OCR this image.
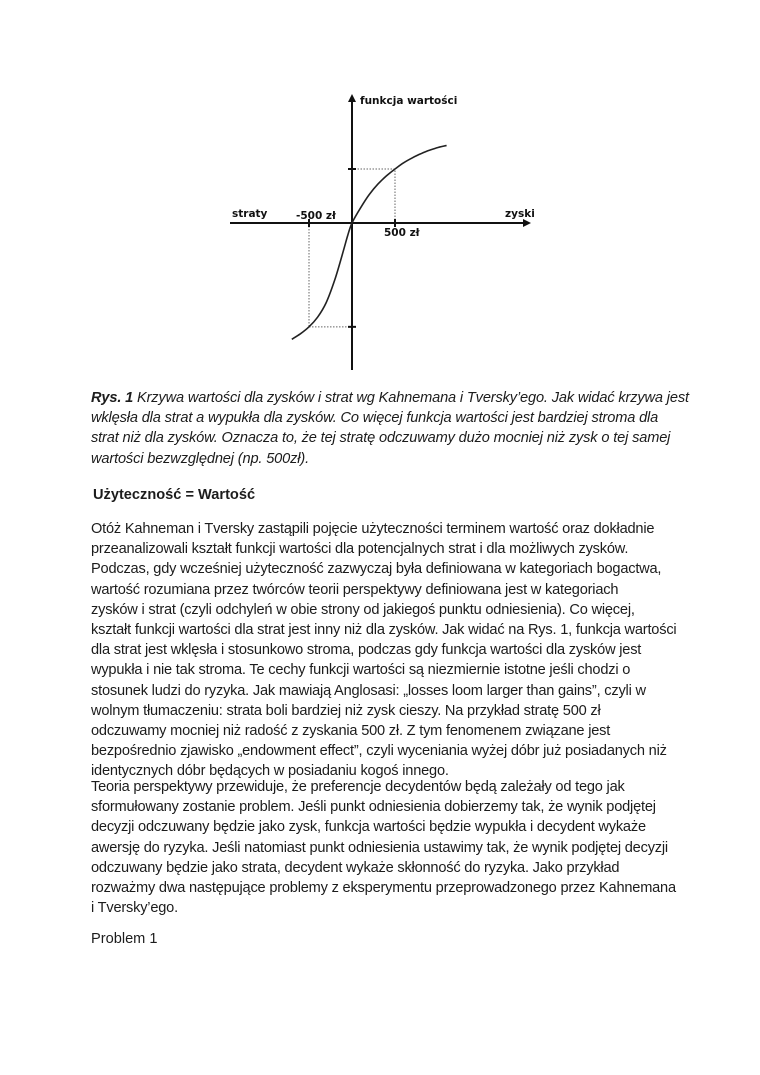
funkcja wartości
straty	zyski
-500 zł
500 zł
Rys. 1 Krzywa wartości dla zysków i strat wg Kahnemana i Tversky’ego. Jak widać krzywa jest
wklęsła dla strat a wypukła dla zysków. Co więcej funkcja wartości jest bardziej stroma dla
strat niż dla zysków. Oznacza to, że tej stratę odczuwamy dużo mocniej niż zysk o tej samej
wartości bezwzględnej (np. 500zł).
Użyteczność = Wartość
Otóż Kahneman i Tversky zastąpili pojęcie użyteczności terminem wartość oraz dokładnie
przeanalizowali kształt funkcji wartości dla potencjalnych strat i dla możliwych zysków.
Podczas, gdy wcześniej użyteczność zazwyczaj była definiowana w kategoriach bogactwa,
wartość rozumiana przez twórców teorii perspektywy definiowana jest w kategoriach
zysków i strat (czyli odchyleń w obie strony od jakiegoś punktu odniesienia). Co więcej,
kształt funkcji wartości dla strat jest inny niż dla zysków. Jak widać na Rys. 1, funkcja wartości
dla strat jest wklęsła i stosunkowo stroma, podczas gdy funkcja wartości dla zysków jest
wypukła i nie tak stroma. Te cechy funkcji wartości są niezmiernie istotne jeśli chodzi o
stosunek ludzi do ryzyka. Jak mawiają Anglosasi: „losses loom larger than gains”, czyli w
wolnym tłumaczeniu: strata boli bardziej niż zysk cieszy. Na przykład stratę 500 zł
odczuwamy mocniej niż radość z zyskania 500 zł. Z tym fenomenem związane jest
bezpośrednio zjawisko „endowment effect”, czyli wyceniania wyżej dóbr już posiadanych niż
identycznych dóbr będących w posiadaniu kogoś innego.
Teoria perspektywy przewiduje, że preferencje decydentów będą zależały od tego jak
sformułowany zostanie problem. Jeśli punkt odniesienia dobierzemy tak, że wynik podjętej
decyzji odczuwany będzie jako zysk, funkcja wartości będzie wypukła i decydent wykaże
awersję do ryzyka. Jeśli natomiast punkt odniesienia ustawimy tak, że wynik podjętej decyzji
odczuwany będzie jako strata, decydent wykaże skłonność do ryzyka. Jako przykład
rozważmy dwa następujące problemy z eksperymentu przeprowadzonego przez Kahnemana
i Tversky’ego.
Problem 1
